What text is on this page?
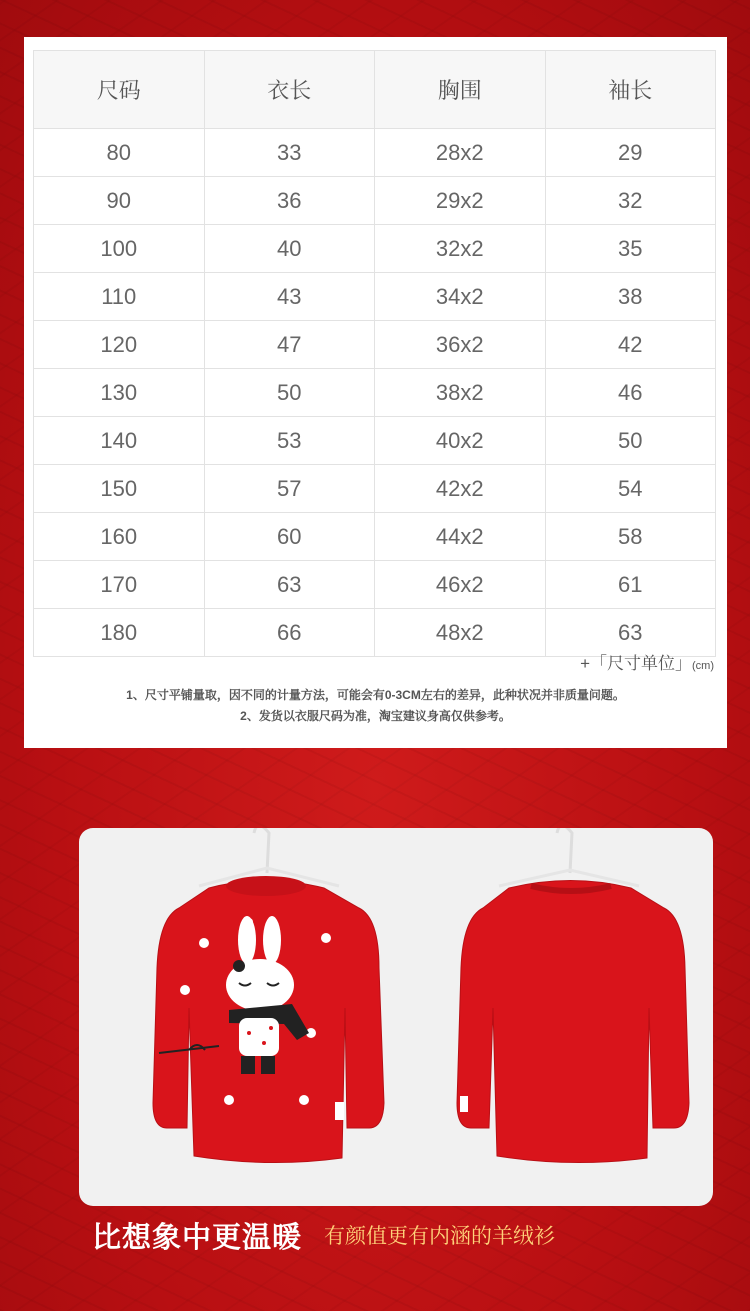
尺码	衣长	胸围	袖长
80	33	28x2	29
90	36	29x2	32
100	40	32x2	35
110	43	34x2	38
120	47	36x2	42
130	50	38x2	46
140	53	40x2	50
150	57	42x2	54
160	60	44x2	58
170	63	46x2	61
180	66	48x2	63
+「尺寸单位」(cm)
1、尺寸平铺量取，因不同的计量方法，可能会有0-3CM左右的差异，此种状况并非质量问题。
2、发货以衣服尺码为准，淘宝建议身高仅供参考。
比想象中更温暖 有颜值更有内涵的羊绒衫
